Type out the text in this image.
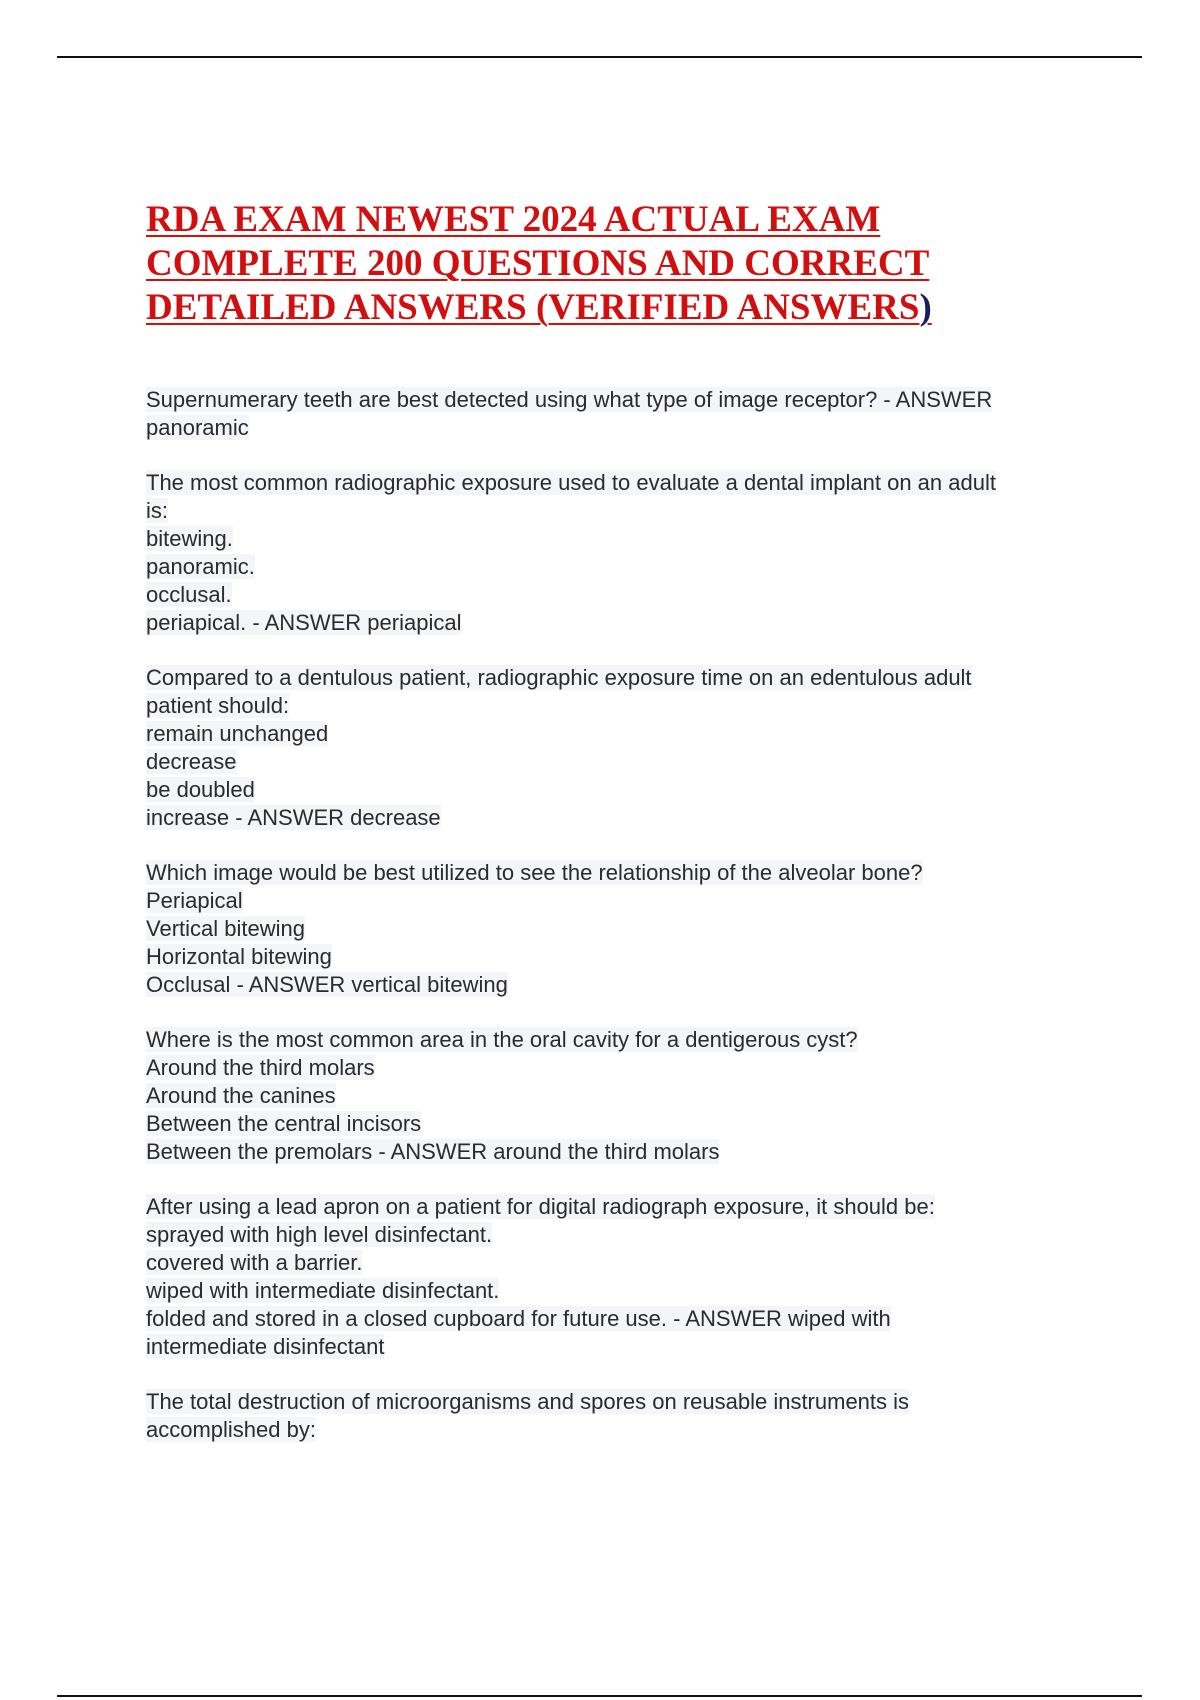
RDA EXAM NEWEST 2024 ACTUAL EXAM
COMPLETE 200 QUESTIONS AND CORRECT
DETAILED ANSWERS (VERIFIED ANSWERS)
Supernumerary teeth are best detected using what type of image receptor? - ANSWER
panoramic
The most common radiographic exposure used to evaluate a dental implant on an adult
is:
bitewing.
panoramic.
occlusal.
periapical. - ANSWER periapical
Compared to a dentulous patient, radiographic exposure time on an edentulous adult
patient should:
remain unchanged
decrease
be doubled
increase - ANSWER decrease
Which image would be best utilized to see the relationship of the alveolar bone?
Periapical
Vertical bitewing
Horizontal bitewing
Occlusal - ANSWER vertical bitewing
Where is the most common area in the oral cavity for a dentigerous cyst?
Around the third molars
Around the canines
Between the central incisors
Between the premolars - ANSWER around the third molars
After using a lead apron on a patient for digital radiograph exposure, it should be:
sprayed with high level disinfectant.
covered with a barrier.
wiped with intermediate disinfectant.
folded and stored in a closed cupboard for future use. - ANSWER wiped with
intermediate disinfectant
The total destruction of microorganisms and spores on reusable instruments is
accomplished by:
